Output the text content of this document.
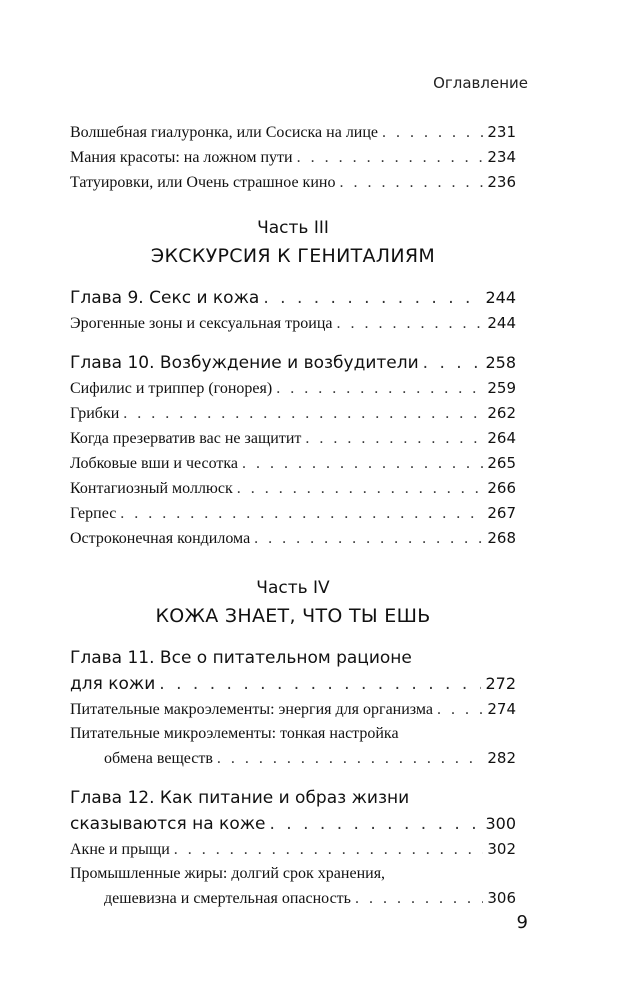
Оглавление
Волшебная гиалуронка, или Сосиска на лице . . .	231
Мания красоты: на ложном пути . . .	234
Татуировки, или Очень страшное кино . . .	236
Часть III
ЭКСКУРСИЯ К ГЕНИТАЛИЯМ
Глава 9. Секс и кожа . . .	244
Эрогенные зоны и сексуальная троица . . .	244
Глава 10. Возбуждение и возбудители . . .	258
Сифилис и триппер (гонорея) . . .	259
Грибки . . .	262
Когда презерватив вас не защитит . . .	264
Лобковые вши и чесотка . . .	265
Контагиозный моллюск . . .	266
Герпес . . .	267
Остроконечная кондилома . . .	268
Часть IV
КОЖА ЗНАЕТ, ЧТО ТЫ ЕШЬ
Глава 11. Все о питательном рационе
для кожи . . .	272
Питательные макроэлементы: энергия для организма . . .	274
Питательные микроэлементы: тонкая настройка
обмена веществ . . .	282
Глава 12. Как питание и образ жизни
сказываются на коже . . .	300
Акне и прыщи . . .	302
Промышленные жиры: долгий срок хранения,
дешевизна и смертельная опасность . . .	306
9
